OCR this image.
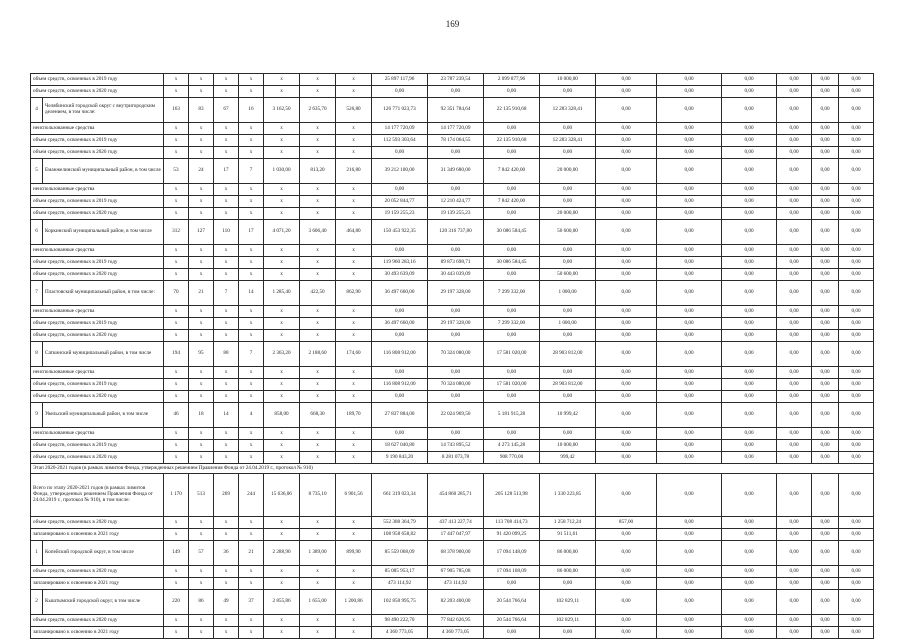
169
объем средств, освоенных в 2019 году		x	x	x	x	x	x	x	25 897 117,96	23 787 239,54	2 099 877,96	10 000,00	0,00	0,00	0,00	0,00	0,00	0,00
объем средств, освоенных в 2020 году		x	x	x	x	x	x	x	0,00	0,00	0,00	0,00	0,00	0,00	0,00	0,00	0,00	0,00
4	Челябинский городской округ с внутригородским делением, в том числе:	163	83	67	16	3 162,50	2 635,70	526,80	126 771 023,73	92 351 784,64	22 135 910,68	12 283 328,41	0,00	0,00	0,00	0,00	0,00	0,00
неиспользованные средства		x	x	x	x	x	x	x	14 177 720,09	14 177 720,09	0,00	0,00	0,00	0,00	0,00	0,00	0,00	0,00
объем средств, освоенных в 2019 году		x	x	x	x	x	x	x	112 593 303,64	78 174 064,55	22 135 910,68	12 283 328,41	0,00	0,00	0,00	0,00	0,00	0,00
объем средств, освоенных в 2020 году		x	x	x	x	x	x	x	0,00	0,00	0,00	0,00	0,00	0,00	0,00	0,00	0,00	0,00
5	Еманжелинский муниципальный район, в том числе	53	24	17	7	1 030,00	813,20	216,80	39 212 100,00	31 349 680,00	7 842 420,00	20 000,00	0,00	0,00	0,00	0,00	0,00	0,00
неиспользованные средства		x	x	x	x	x	x	x	0,00	0,00	0,00	0,00	0,00	0,00	0,00	0,00	0,00	0,00
объем средств, освоенных в 2019 году		x	x	x	x	x	x	x	20 052 844,77	12 210 424,77	7 842 420,00	0,00	0,00	0,00	0,00	0,00	0,00	0,00
объем средств, освоенных в 2020 году		x	x	x	x	x	x	x	19 159 255,23	19 139 255,23	0,00	20 000,00	0,00	0,00	0,00	0,00	0,00	0,00
6	Коркинский муниципальный район, в том числе	312	127	110	17	4 071,20	3 606,40	464,80	150 453 922,35	120 316 737,80	30 086 584,45	50 600,00	0,00	0,00	0,00	0,00	0,00	0,00
неиспользованные средства		x	x	x	x	x	x	x	0,00	0,00	0,00	0,00	0,00	0,00	0,00	0,00	0,00	0,00
объем средств, освоенных в 2019 году		x	x	x	x	x	x	x	119 960 283,16	89 873 698,71	30 086 584,45	0,00	0,00	0,00	0,00	0,00	0,00	0,00
объем средств, освоенных в 2020 году		x	x	x	x	x	x	x	30 493 639,09	30 443 039,09	0,00	50 600,00	0,00	0,00	0,00	0,00	0,00	0,00
7	Пластовский муниципальный район, в том числе:	70	21	7	14	1 285,40	422,50	862,90	36 497 660,00	29 197 328,00	7 299 332,00	1 000,00	0,00	0,00	0,00	0,00	0,00	0,00
неиспользованные средства		x	x	x	x	x	x	x	0,00	0,00	0,00	0,00	0,00	0,00	0,00	0,00	0,00	0,00
объем средств, освоенных в 2019 году		x	x	x	x	x	x	x	36 497 660,00	29 197 328,00	7 299 332,00	1 000,00	0,00	0,00	0,00	0,00	0,00	0,00
объем средств, освоенных в 2020 году		x	x	x	x	x	x	x	0,00	0,00	0,00	0,00	0,00	0,00	0,00	0,00	0,00	0,00
8	Саткинский муниципальный район, в том числе	194	95	88	7	2 363,20	2 188,60	174,60	116 808 912,00	70 324 080,00	17 581 020,00	28 903 812,00	0,00	0,00	0,00	0,00	0,00	0,00
неиспользованные средства		x	x	x	x	x	x	x	0,00	0,00	0,00	0,00	0,00	0,00	0,00	0,00	0,00	0,00
объем средств, освоенных в 2019 году		x	x	x	x	x	x	x	116 808 912,00	70 324 080,00	17 581 020,00	28 903 812,00	0,00	0,00	0,00	0,00	0,00	0,00
объем средств, освоенных в 2020 году		x	x	x	x	x	x	x	0,00	0,00	0,00	0,00	0,00	0,00	0,00	0,00	0,00	0,00
9	Увельский муниципальный район, в том числе	46	18	14	4	858,00	668,30	189,70	27 837 884,00	22 024 969,50	5 181 915,28	10 999,42	0,00	0,00	0,00	0,00	0,00	0,00
неиспользованные средства		x	x	x	x	x	x	x	0,00	0,00	0,00	0,00	0,00	0,00	0,00	0,00	0,00	0,00
объем средств, освоенных в 2019 году		x	x	x	x	x	x	x	18 627 040,80	14 743 895,52	4 273 145,28	10 000,00	0,00	0,00	0,00	0,00	0,00	0,00
объем средств, освоенных в 2020 году		x	x	x	x	x	x	x	9 190 843,20	8 281 073,78	908 770,00	999,42	0,00	0,00	0,00	0,00	0,00	0,00
Этап 2020-2021 годов (в рамках лимитов Фонда, утвержденных решением Правления Фонда от 24.04.2019 г., протокол № 910)																		
Всего по этапу 2020-2021 годов (в рамках лимитов Фонда, утвержденных решением Правления Фонда от 24.04.2019 г., протокол № 910), в том числе:		1 170	513	269	244	15 636,06	8 735,10	6 901,56	661 319 023,34	454 860 285,71	205 128 513,98	1 330 223,85	0,00	0,00	0,00	0,00	0,00	0,00
объем средств, освоенных в 2020 году		x	x	x	x	x	x	x	552 380 364,79	437 413 227,74	113 708 414,73	1 258 712,24	857,00	0,00	0,00	0,00	0,00	0,00
запланировано к освоению в 2021 году		x	x	x	x	x	x	x	108 958 658,82	17 447 047,97	91 420 099,25	91 511,61	0,00	0,00	0,00	0,00	0,00	0,00
1	Копейский городской округ, в том числе	149	57	36	21	2 288,90	1 389,00	899,90	85 559 068,09	68 378 900,00	17 094 148,09	86 000,00	0,00	0,00	0,00	0,00	0,00	0,00
объем средств, освоенных в 2020 году		x	x	x	x	x	x	x	85 085 953,17	67 905 785,08	17 094 168,09	86 000,00	0,00	0,00	0,00	0,00	0,00	0,00
запланировано к освоению в 2021 году		x	x	x	x	x	x	x	473 114,92	473 114,92	0,00	0,00	0,00	0,00	0,00	0,00	0,00	0,00
2	Кыштымский городской округ, в том числе	220	86	49	37	2 855,86	1 655,00	1 200,86	102 850 995,75	82 203 400,00	20 544 766,64	102 829,11	0,00	0,00	0,00	0,00	0,00	0,00
объем средств, освоенных в 2020 году		x	x	x	x	x	x	x	98 490 222,70	77 842 626,95	20 544 766,64	102 829,11	0,00	0,00	0,00	0,00	0,00	0,00
запланировано к освоению в 2021 году		x	x	x	x	x	x	x	4 360 773,05	4 360 773,05	0,00	0,00	0,00	0,00	0,00	0,00	0,00	0,00
